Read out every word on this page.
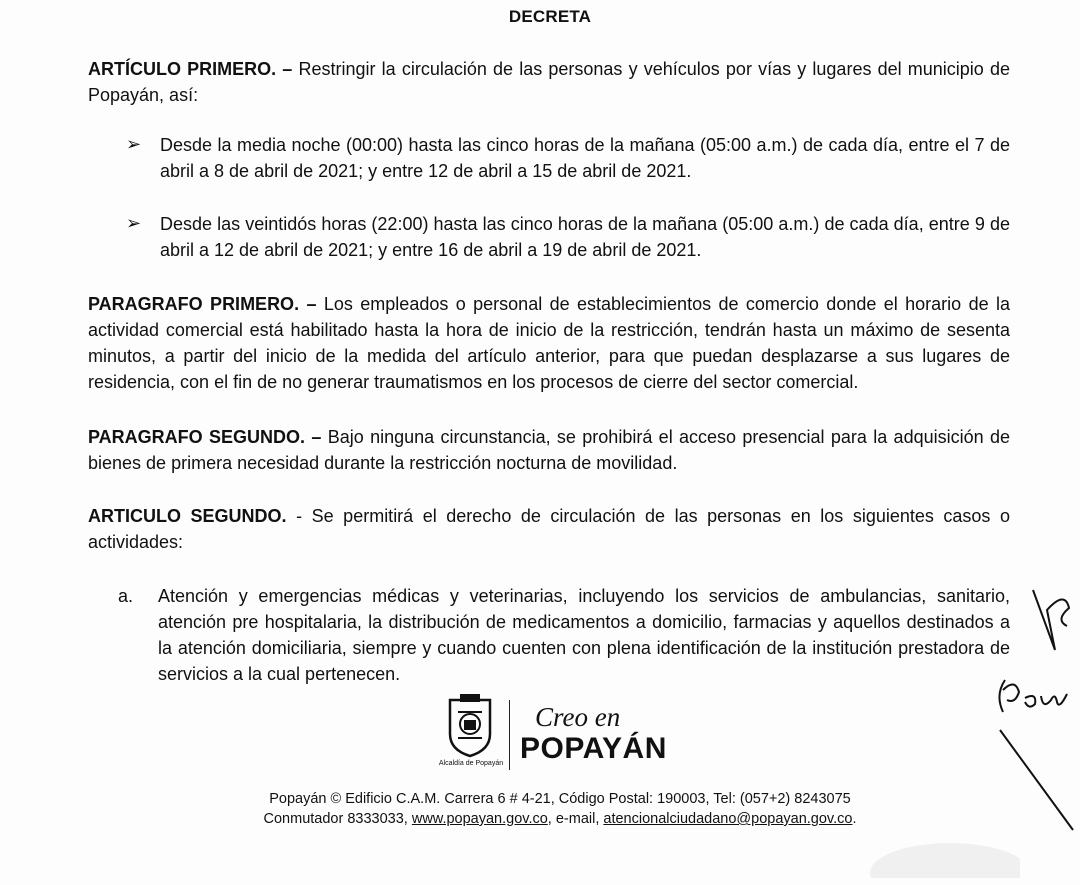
DECRETA
ARTÍCULO PRIMERO. – Restringir la circulación de las personas y vehículos por vías y lugares del municipio de Popayán, así:
➢ Desde la media noche (00:00) hasta las cinco horas de la mañana (05:00 a.m.) de cada día, entre el 7 de abril a 8 de abril de 2021; y entre 12 de abril a 15 de abril de 2021.
➢ Desde las veintidós horas (22:00) hasta las cinco horas de la mañana (05:00 a.m.) de cada día, entre 9 de abril a 12 de abril de 2021; y entre 16 de abril a 19 de abril de 2021.
PARAGRAFO PRIMERO. – Los empleados o personal de establecimientos de comercio donde el horario de la actividad comercial está habilitado hasta la hora de inicio de la restricción, tendrán hasta un máximo de sesenta minutos, a partir del inicio de la medida del artículo anterior, para que puedan desplazarse a sus lugares de residencia, con el fin de no generar traumatismos en los procesos de cierre del sector comercial.
PARAGRAFO SEGUNDO. – Bajo ninguna circunstancia, se prohibirá el acceso presencial para la adquisición de bienes de primera necesidad durante la restricción nocturna de movilidad.
ARTICULO SEGUNDO. - Se permitirá el derecho de circulación de las personas en los siguientes casos o actividades:
a. Atención y emergencias médicas y veterinarias, incluyendo los servicios de ambulancias, sanitario, atención pre hospitalaria, la distribución de medicamentos a domicilio, farmacias y aquellos destinados a la atención domiciliaria, siempre y cuando cuenten con plena identificación de la institución prestadora de servicios a la cual pertenecen.
Alcaldía de Popayán
Creo en
POPAYÁN
Popayán © Edificio C.A.M. Carrera 6 # 4-21, Código Postal: 190003, Tel: (057+2) 8243075
Conmutador 8333033, www.popayan.gov.co, e-mail, atencionalciudadano@popayan.gov.co.
